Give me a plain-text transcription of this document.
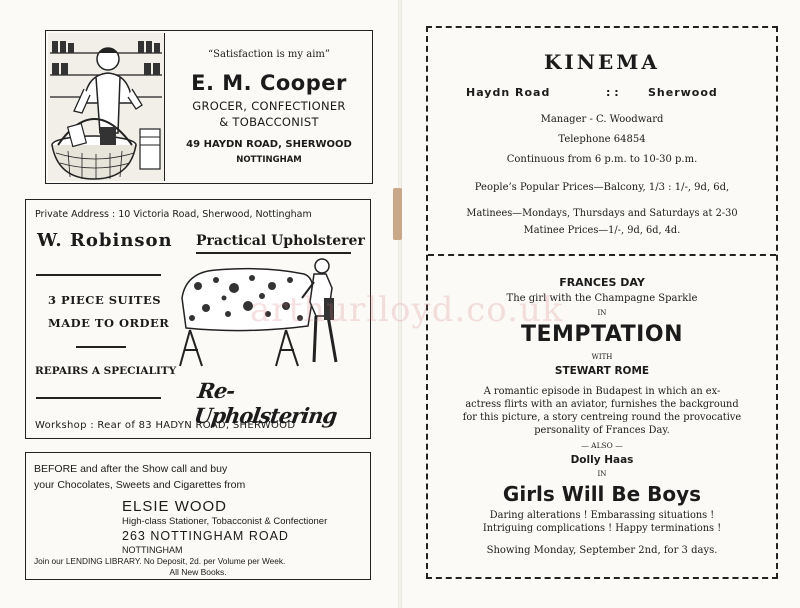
“Satisfaction is my aim”
E. M. Cooper
GROCER, CONFECTIONER
& TOBACCONIST
49 HAYDN ROAD, SHERWOOD
NOTTINGHAM
Private Address : 10 Victoria Road, Sherwood, Nottingham
W. Robinson Practical Upholsterer
3 PIECE SUITES
MADE TO ORDER
REPAIRS A SPECIALITY
Re-Upholstering
Workshop : Rear of 83 HADYN ROAD, SHERWOOD
BEFORE and after the Show call and buy
your Chocolates, Sweets and Cigarettes from
ELSIE WOOD
High-class Stationer, Tobacconist & Confectioner
263 NOTTINGHAM ROAD
NOTTINGHAM
Join our LENDING LIBRARY. No Deposit, 2d. per Volume per Week.
All New Books.
KINEMA
Haydn Road	: :	Sherwood
Manager - C. Woodward
Telephone 64854
Continuous from 6 p.m. to 10-30 p.m.
People’s Popular Prices—Balcony, 1/3 : 1/-, 9d, 6d,
Matinees—Mondays, Thursdays and Saturdays at 2-30
Matinee Prices—1/-, 9d, 6d, 4d.
FRANCES DAY
The girl with the Champagne Sparkle
IN
TEMPTATION
WITH
STEWART ROME
A romantic episode in Budapest in which an ex-
actress flirts with an aviator, furnishes the background
for this picture, a story centreing round the provocative
personality of Frances Day.
— ALSO —
Dolly Haas
IN
Girls Will Be Boys
Daring alterations ! Embarassing situations !
Intriguing complications ! Happy terminations !
Showing Monday, September 2nd, for 3 days.
arthurlloyd.co.uk
